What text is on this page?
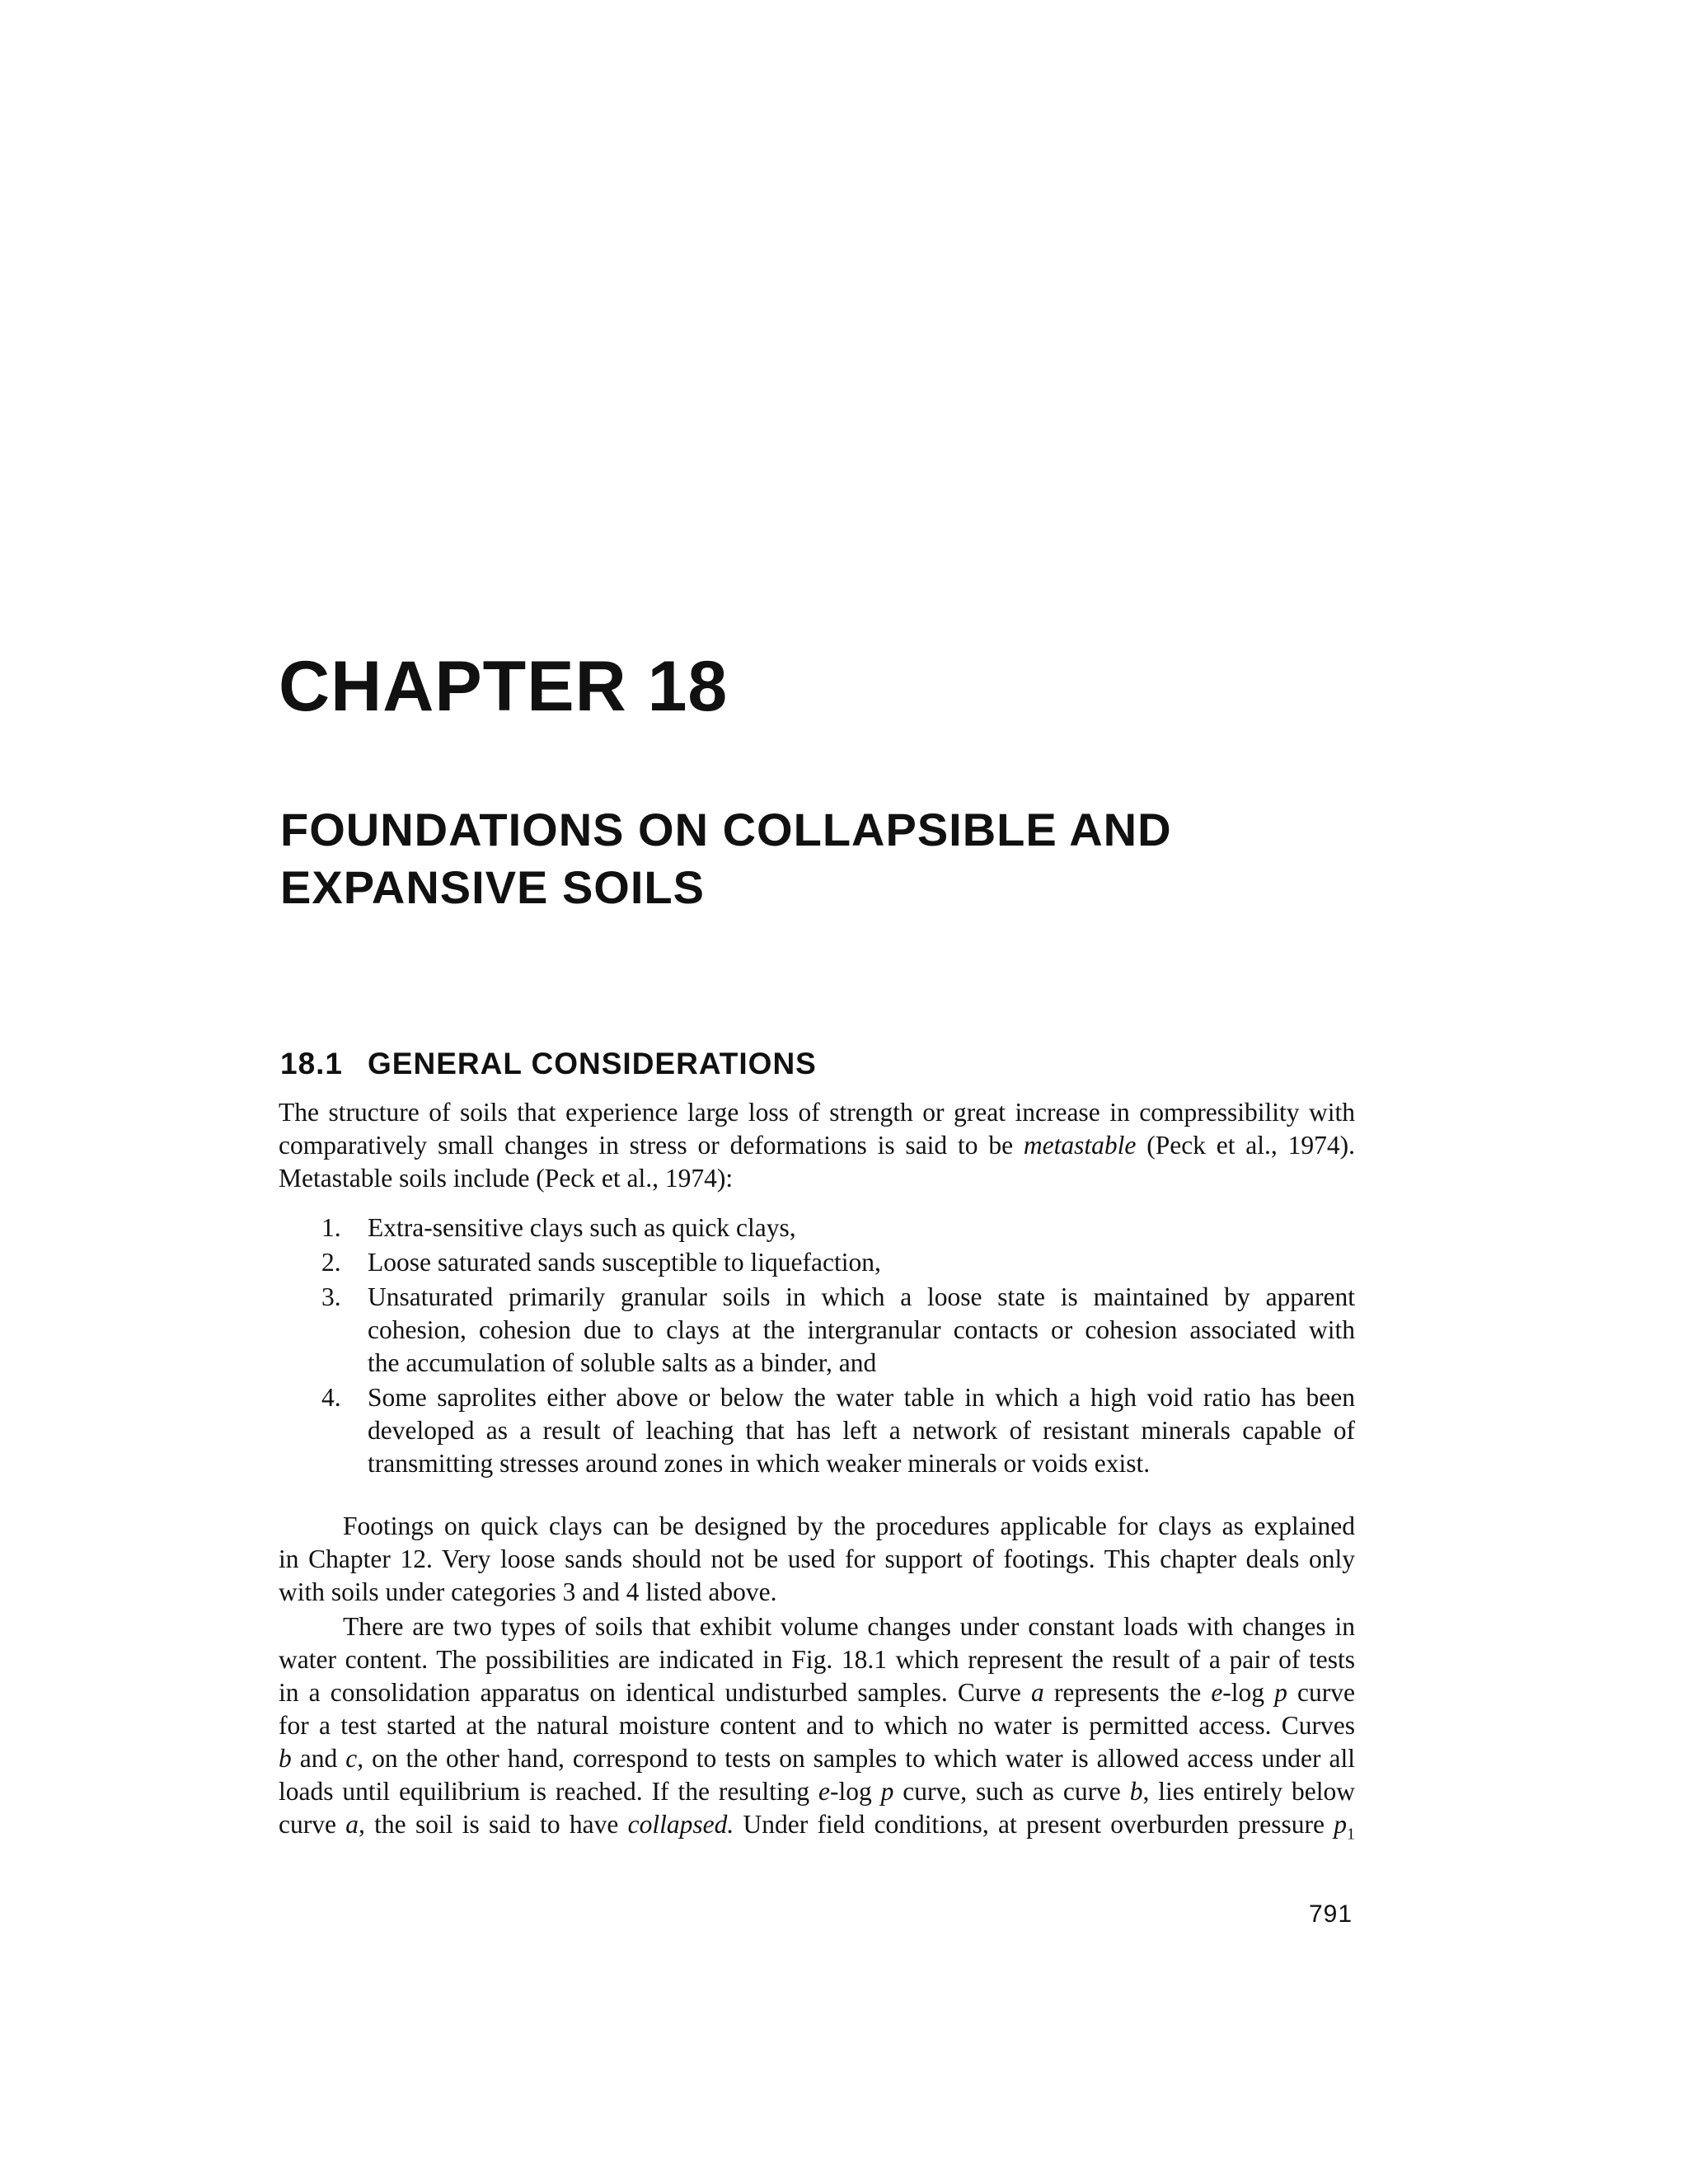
CHAPTER 18
FOUNDATIONS ON COLLAPSIBLE AND
EXPANSIVE SOILS
18.1 GENERAL CONSIDERATIONS
The structure of soils that experience large loss of strength or great increase in compressibility with
comparatively small changes in stress or deformations is said to be metastable (Peck et al., 1974).
Metastable soils include (Peck et al., 1974):
1. Extra-sensitive clays such as quick clays,
2. Loose saturated sands susceptible to liquefaction,
3. Unsaturated primarily granular soils in which a loose state is maintained by apparent
cohesion, cohesion due to clays at the intergranular contacts or cohesion associated with
the accumulation of soluble salts as a binder, and
4. Some saprolites either above or below the water table in which a high void ratio has been
developed as a result of leaching that has left a network of resistant minerals capable of
transmitting stresses around zones in which weaker minerals or voids exist.
Footings on quick clays can be designed by the procedures applicable for clays as explained
in Chapter 12. Very loose sands should not be used for support of footings. This chapter deals only
with soils under categories 3 and 4 listed above.
There are two types of soils that exhibit volume changes under constant loads with changes in
water content. The possibilities are indicated in Fig. 18.1 which represent the result of a pair of tests
in a consolidation apparatus on identical undisturbed samples. Curve a represents the e-log p curve
for a test started at the natural moisture content and to which no water is permitted access. Curves
b and c, on the other hand, correspond to tests on samples to which water is allowed access under all
loads until equilibrium is reached. If the resulting e-log p curve, such as curve b, lies entirely below
curve a, the soil is said to have collapsed. Under field conditions, at present overburden pressure $p_1$
791
